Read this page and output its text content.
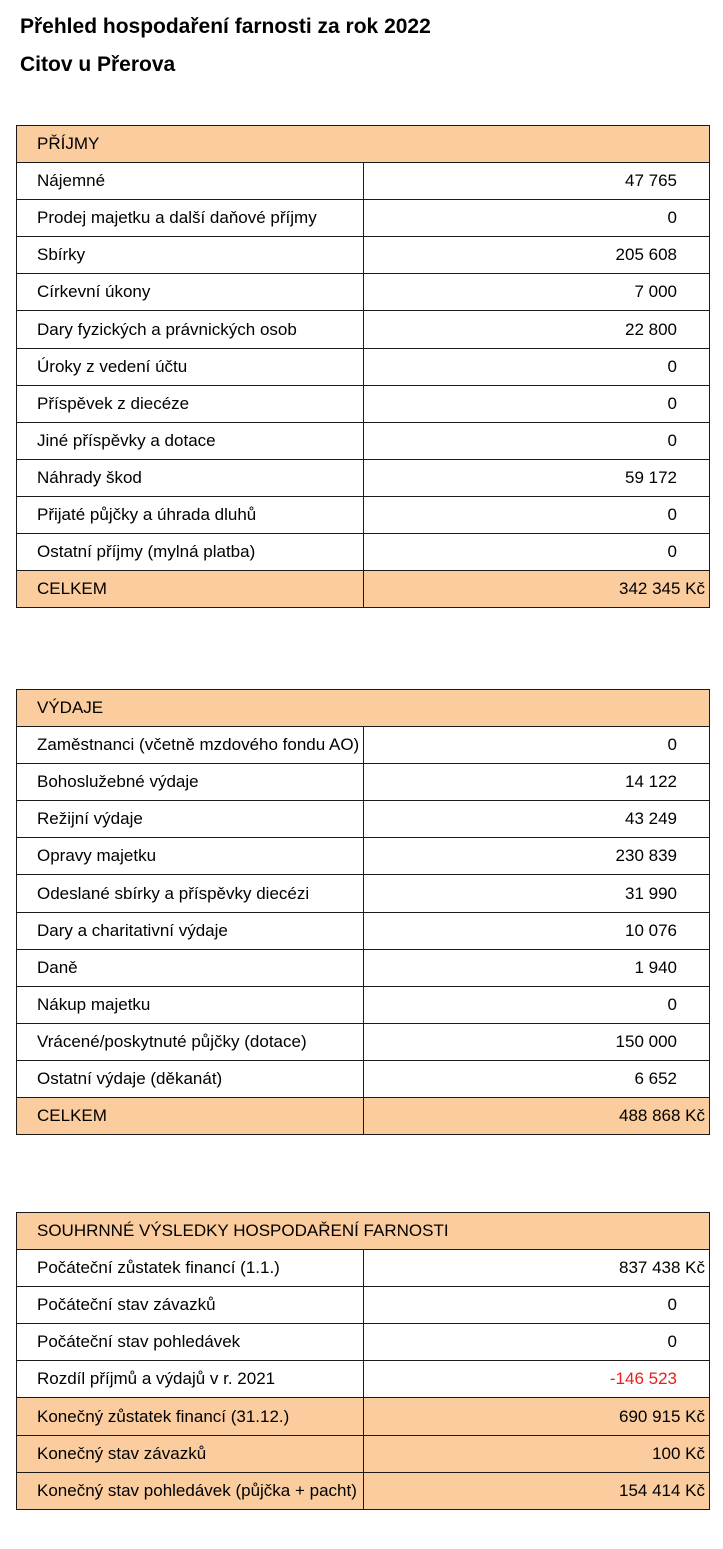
Přehled hospodaření farnosti za rok 2022
Citov u Přerova
PŘÍJMY	
Nájemné	47 765
Prodej majetku a další daňové příjmy	0
Sbírky	205 608
Církevní úkony	7 000
Dary fyzických a právnických osob	22 800
Úroky z vedení účtu	0
Příspěvek z diecéze	0
Jiné příspěvky a dotace	0
Náhrady škod	59 172
Přijaté půjčky a úhrada dluhů	0
Ostatní příjmy (mylná platba)	0
CELKEM	342 345 Kč
VÝDAJE	
Zaměstnanci (včetně mzdového fondu AO)	0
Bohoslužebné výdaje	14 122
Režijní výdaje	43 249
Opravy majetku	230 839
Odeslané sbírky a příspěvky diecézi	31 990
Dary a charitativní výdaje	10 076
Daně	1 940
Nákup majetku	0
Vrácené/poskytnuté půjčky (dotace)	150 000
Ostatní výdaje (děkanát)	6 652
CELKEM	488 868 Kč
SOUHRNNÉ VÝSLEDKY HOSPODAŘENÍ FARNOSTI	
Počáteční zůstatek financí (1.1.)	837 438 Kč
Počáteční stav závazků	0
Počáteční stav pohledávek	0
Rozdíl příjmů a výdajů v r. 2021	-146 523
Konečný zůstatek financí (31.12.)	690 915 Kč
Konečný stav závazků	100 Kč
Konečný stav pohledávek (půjčka + pacht)	154 414 Kč
